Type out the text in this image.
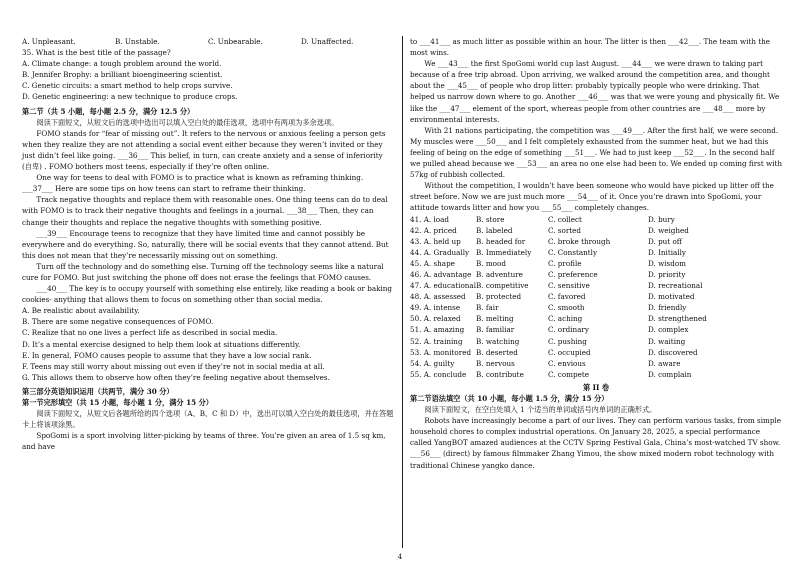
A. Unpleasant.	B. Unstable.	C. Unbearable.	D. Unaffected.

35. What is the best title of the passage?

A. Climate change: a tough problem around the world.

B. Jennifer Brophy: a brilliant bioengineering scientist.

C. Genetic circuits: a smart method to help crops survive.

D. Genetic engineering: a new technique to produce crops.

第二节（共 5 小题，每小题 2.5 分，满分 12.5 分）

阅读下面短文，从短文后的选项中选出可以填入空白处的最佳选项，选项中有两项为多余选项。

FOMO stands for “fear of missing out”. It refers to the nervous or anxious feeling a person gets when they realize they are not attending a social event either because they weren’t invited or they just didn’t feel like going. ___36___ This belief, in turn, can create anxiety and a sense of inferiority (自卑) . FOMO bothers most teens, especially if they’re often online.

One way for teens to deal with FOMO is to practice what is known as reframing thinking. ___37___ Here are some tips on how teens can start to reframe their thinking.

Track negative thoughts and replace them with reasonable ones. One thing teens can do to deal with FOMO is to track their negative thoughts and feelings in a journal. ___38___ Then, they can change their thoughts and replace the negative thoughts with something positive.

___39___ Encourage teens to recognize that they have limited time and cannot possibly be everywhere and do everything. So, naturally, there will be social events that they cannot attend. But this does not mean that they’re necessarily missing out on something.

Turn off the technology and do something else. Turning off the technology seems like a natural cure for FOMO. But just switching the phone off does not erase the feelings that FOMO causes.

___40___ The key is to occupy yourself with something else entirely, like reading a book or baking cookies- anything that allows them to focus on something other than social media.

A. Be realistic about availability.

B. There are some negative consequences of FOMO.

C. Realize that no one lives a perfect life as described in social media.

D. It’s a mental exercise designed to help them look at situations differently.

E. In general, FOMO causes people to assume that they have a low social rank.

F. Teens may still worry about missing out even if they’re not in social media at all.

G. This allows them to observe how often they’re feeling negative about themselves.

第三部分英语知识运用（共两节，满分 30 分）

第一节完形填空（共 15 小题，每小题 1 分，满分 15 分）

阅读下面短文，从短文后各题所给的四个选项（A、B、C 和 D）中，选出可以填入空白处的最佳选项，并在答题卡上将该项涂黑。

SpoGomi is a sport involving litter-picking by teams of three. You’re given an area of 1.5 sq km, and have

to ___41___ as much litter as possible within an hour. The litter is then ___42___. The team with the most wins.

We ___43___ the first SpoGomi world cup last August. ___44___ we were drawn to taking part because of a free trip abroad. Upon arriving, we walked around the competition area, and thought about the ___45___ of people who drop litter: probably typically people who were drinking. That helped us narrow down where to go. Another ___46___ was that we were young and physically fit. We like the ___47___ element of the sport, whereas people from other countries are ___48___ more by environmental interests.

With 21 nations participating, the competition was ___49___. After the first half, we were second. My muscles were ___50___ and I felt completely exhausted from the summer heat, but we had this feeling of being on the edge of something ___51___. We had to just keep ___52___. In the second half we pulled ahead because we ___53___ an area no one else had been to. We ended up coming first with 57kg of rubbish collected.

Without the competition, I wouldn’t have been someone who would have picked up litter off the street before. Now we are just much more ___54___ of it. Once you’re drawn into SpoGomi, your attitude towards litter and how you ___55___ completely changes.

41. A. load	B. store	C. collect	D. bury
42. A. priced	B. labeled	C. sorted	D. weighed
43. A. held up	B. headed for	C. broke through	D. put off
44. A. Gradually B. Immediately	C. Constantly	D. Initially
45. A. shape	B. mood	C. profile	D. wisdom
46. A. advantage B. adventure	C. preference	D. priority
47. A. educational B. competitive	C. sensitive	D. recreational
48. A. assessed	B. protected	C. favored	D. motivated
49. A. intense	B. fair	C. smooth	D. friendly
50. A. relaxed	B. melting	C. aching	D. strengthened
51. A. amazing	B. familiar	C. ordinary	D. complex
52. A. training	B. watching	C. pushing	D. waiting
53. A. monitored B. deserted	C. occupied	D. discovered
54. A. guilty	B. nervous	C. envious	D. aware
55. A. conclude	B. contribute	C. compete	D. complain

第 II 卷

第二节语法填空（共 10 小题，每小题 1.5 分，满分 15 分）

阅读下面短文，在空白处填入 1 个适当的单词或括号内单词的正确形式。

Robots have increasingly become a part of our lives. They can perform various tasks, from simple household chores to complex industrial operations. On January 28, 2025, a special performance called YangBOT amazed audiences at the CCTV Spring Festival Gala, China’s most-watched TV show. ___56___ (direct) by famous filmmaker Zhang Yimou, the show mixed modern robot technology with traditional Chinese yangko dance.

4
